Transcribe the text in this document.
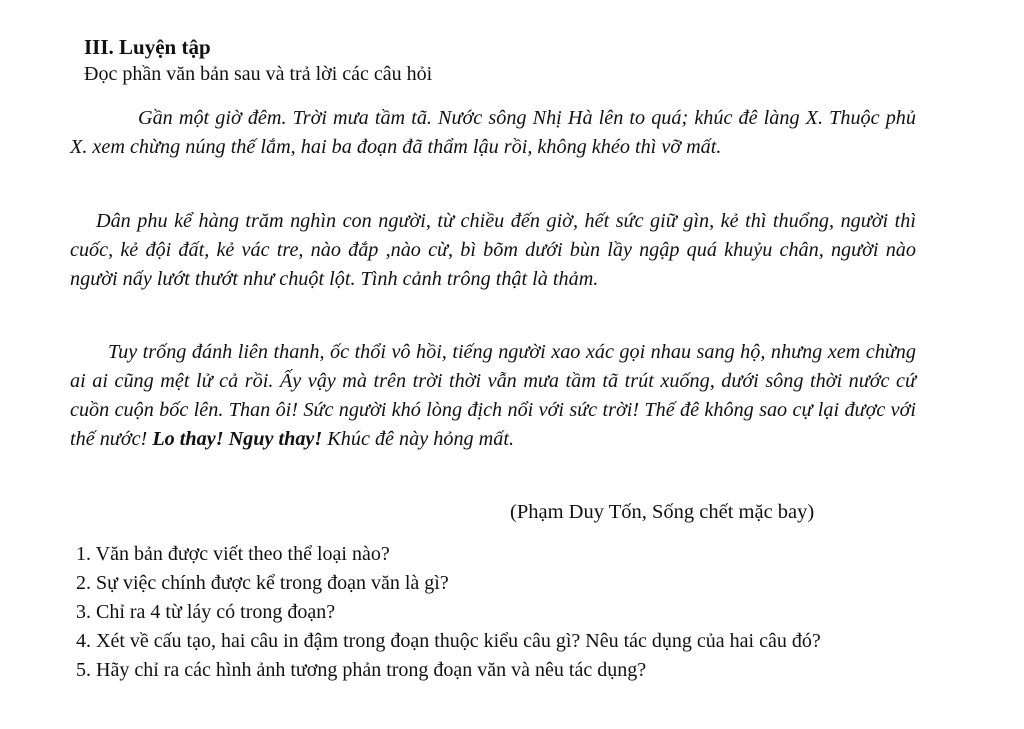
III. Luyện tập
Đọc phần văn bản sau và trả lời các câu hỏi

Gần một giờ đêm. Trời mưa tầm tã. Nước sông Nhị Hà lên to quá; khúc đê làng X. Thuộc phủ X. xem chừng núng thế lắm, hai ba đoạn đã thẩm lậu rồi, không khéo thì vỡ mất.

Dân phu kể hàng trăm nghìn con người, từ chiều đến giờ, hết sức giữ gìn, kẻ thì thuổng, người thì cuốc, kẻ đội đất, kẻ vác tre, nào đắp ,nào cừ, bì bõm dưới bùn lầy ngập quá khuỷu chân, người nào người nấy lướt thướt như chuột lột. Tình cảnh trông thật là thảm.

Tuy trống đánh liên thanh, ốc thổi vô hồi, tiếng người xao xác gọi nhau sang hộ, nhưng xem chừng ai ai cũng mệt lử cả rồi. Ấy vậy mà trên trời thời vẫn mưa tầm tã trút xuống, dưới sông thời nước cứ cuồn cuộn bốc lên. Than ôi! Sức người khó lòng địch nổi với sức trời! Thế đê không sao cự lại được với thế nước! Lo thay! Nguy thay! Khúc đê này hỏng mất.

(Phạm Duy Tốn, Sống chết mặc bay)
1. Văn bản được viết theo thể loại nào?
2. Sự việc chính được kể trong đoạn văn là gì?
3. Chỉ ra 4 từ láy có trong đoạn?
4. Xét về cấu tạo, hai câu in đậm trong đoạn thuộc kiểu câu gì? Nêu tác dụng của hai câu đó?
5. Hãy chỉ ra các hình ảnh tương phản trong đoạn văn và nêu tác dụng?
